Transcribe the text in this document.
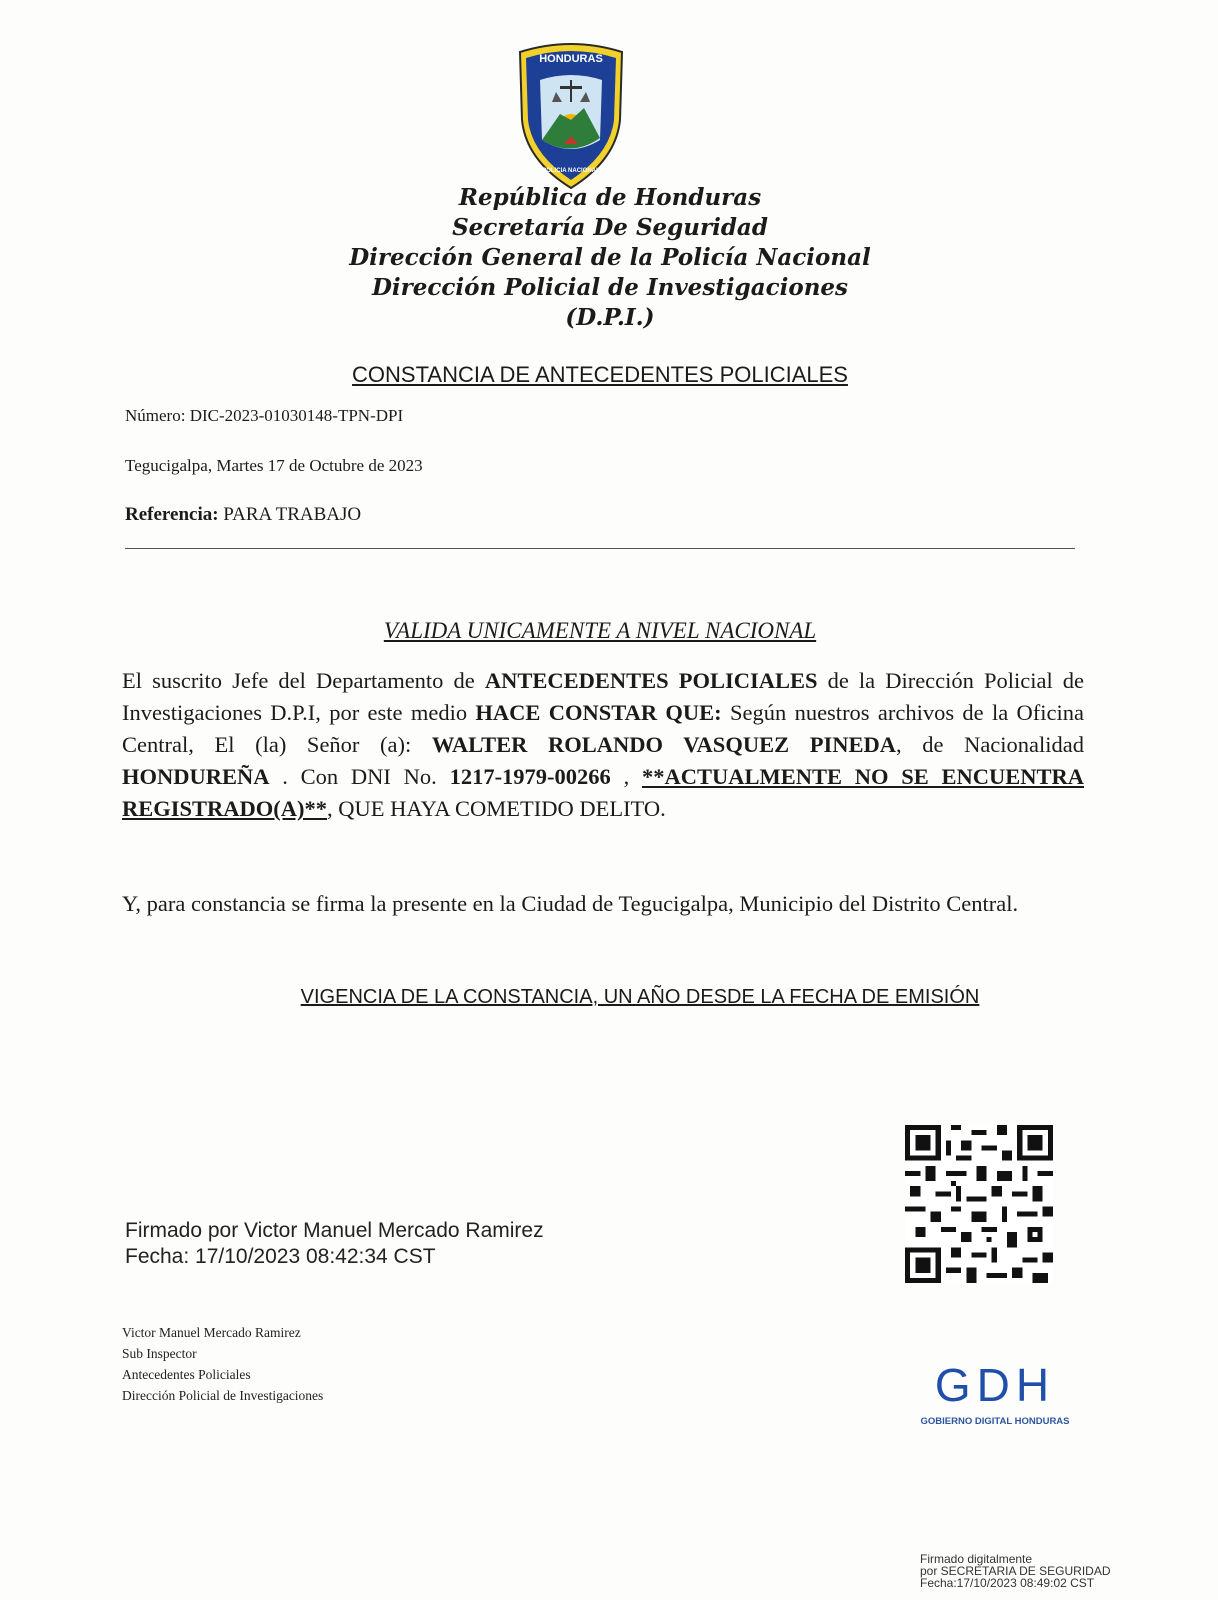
HONDURAS
POLICIA NACIONAL
República de Honduras
Secretaría De Seguridad
Dirección General de la Policía Nacional
Dirección Policial de Investigaciones
(D.P.I.)
CONSTANCIA DE ANTECEDENTES POLICIALES
Número: DIC-2023-01030148-TPN-DPI
Tegucigalpa, Martes 17 de Octubre de 2023
Referencia: PARA TRABAJO
VALIDA UNICAMENTE A NIVEL NACIONAL
El suscrito Jefe del Departamento de ANTECEDENTES POLICIALES de la Dirección Policial de Investigaciones D.P.I, por este medio HACE CONSTAR QUE: Según nuestros archivos de la Oficina Central, El (la) Señor (a): WALTER ROLANDO VASQUEZ PINEDA, de Nacionalidad HONDUREÑA . Con DNI No. 1217-1979-00266 , **ACTUALMENTE NO SE ENCUENTRA REGISTRADO(A)**, QUE HAYA COMETIDO DELITO.
Y, para constancia se firma la presente en la Ciudad de Tegucigalpa, Municipio del Distrito Central.
VIGENCIA DE LA CONSTANCIA, UN AÑO DESDE LA FECHA DE EMISIÓN
Firmado por Victor Manuel Mercado Ramirez
Fecha: 17/10/2023 08:42:34 CST
Victor Manuel Mercado Ramirez
Sub Inspector
Antecedentes Policiales
Dirección Policial de Investigaciones	GDH
GOBIERNO DIGITAL HONDURAS
Firmado digitalmente
por SECRETARIA DE SEGURIDAD
Fecha:17/10/2023 08:49:02 CST
